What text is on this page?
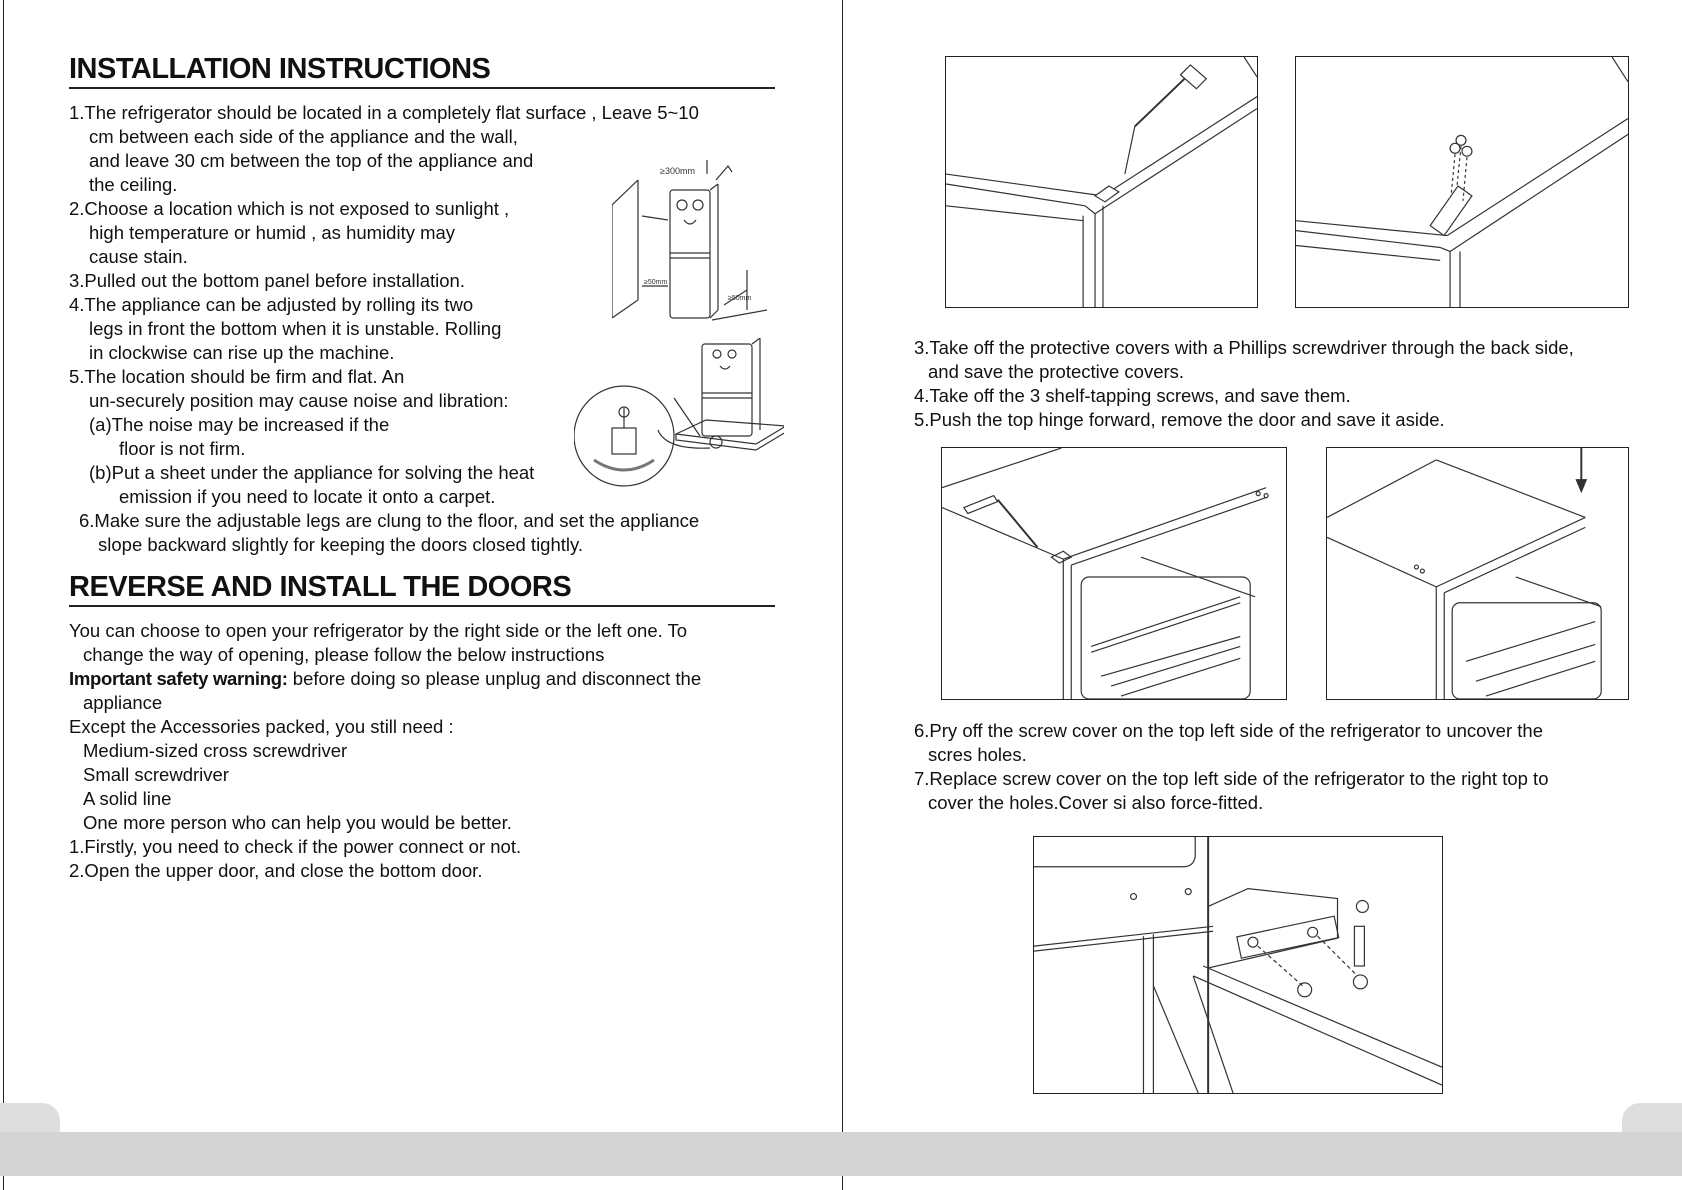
INSTALLATION INSTRUCTIONS
1.The refrigerator should be located in a completely flat surface , Leave 5~10
cm between each side of the appliance and the wall,
and leave 30 cm between the top of the appliance and
the ceiling.
2.Choose a location which is not exposed to sunlight ,
high temperature or humid , as humidity may
cause stain.
3.Pulled out the bottom panel before installation.
4.The appliance can be adjusted by rolling its two
legs in front the bottom when it is unstable. Rolling
in clockwise can rise up the machine.
5.The location should be firm and flat. An
un-securely position may cause noise and libration:
(a)The noise may be increased if the
floor is not firm.
(b)Put a sheet under the appliance for solving the heat
emission if you need to locate it onto a carpet.
6.Make sure the adjustable legs are clung to the floor, and set the appliance
slope backward slightly for keeping the doors closed tightly.
≥300mm
≥50mm
≥50mm
REVERSE AND INSTALL THE DOORS
You can choose to open your refrigerator by the right side or the left one. To
change the way of opening, please follow the below instructions
Important safety warning: before doing so please unplug and disconnect the
appliance
Except the Accessories packed, you still need :
Medium-sized cross screwdriver
Small screwdriver
A solid line
One more person who can help you would be better.
1.Firstly, you need to check if the power connect or not.
2.Open the upper door, and close the bottom door.
3.Take off the protective covers with a Phillips screwdriver through the back side,
and save the protective covers.
4.Take off the 3 shelf-tapping screws, and save them.
5.Push the top hinge forward, remove the door and save it aside.
6.Pry off the screw cover on the top left side of the refrigerator to uncover the
scres holes.
7.Replace screw cover on the top left side of the refrigerator to the right top to
cover the holes.Cover si also force-fitted.
